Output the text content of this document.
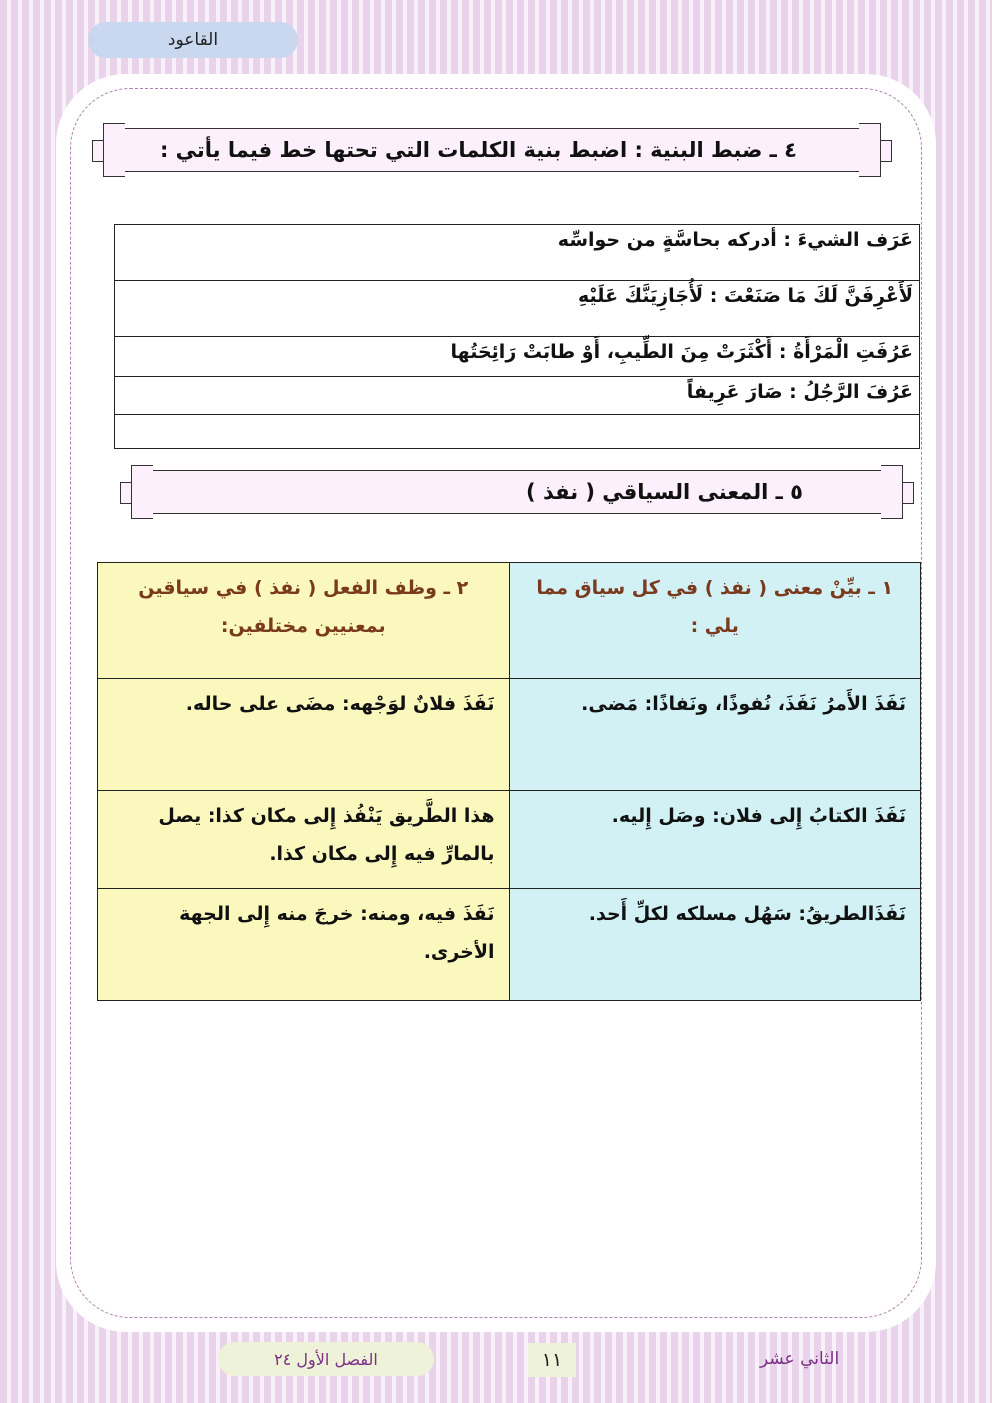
القاعود
٤ ـ ضبط البنية : اضبط بنية الكلمات التي تحتها خط فيما يأتي :
عَرَف الشيءَ : أدركه بحاسَّةٍ من حواسِّه
لَأَعْرِفَنَّ لَكَ مَا صَنَعْتَ : لَأُجَازِيَنَّكَ عَلَيْهِ
عَرُفَتِ الْمَرْأَةُ : أَكْثَرَتْ مِنَ الطِّيبِ، أَوْ طابَتْ رَائِحَتُها
عَرُفَ الرَّجُلُ : صَارَ عَرِيفاً

٥ ـ المعنى السياقي ( نفذ )
١ ـ بيِّنْ معنى ( نفذ ) في كل سياق مما يلي :	٢ ـ وظف الفعل ( نفذ ) في سياقين بمعنيين مختلفين:
نَفَذَ الأَمرُ نَفَذَ، نُفوذًا، ونَفاذًا: مَضى.	نَفَذَ فلانٌ لوَجْهه: مضَى على حاله.
نَفَذَ الكتابُ إِلى فلان: وصَل إِليه.	هذا الطَّريق يَنْفُذ إِلى مكان كذا: يصل بالمارِّ فيه إِلى مكان كذا.
نَفَذَالطريقُ: سَهُل مسلكه لكلِّ أَحد.	نَفَذَ فيه، ومنه: خرجَ منه إِلى الجهة الأخرى.
الفصل الأول ٢٤	١١	الثاني عشر
